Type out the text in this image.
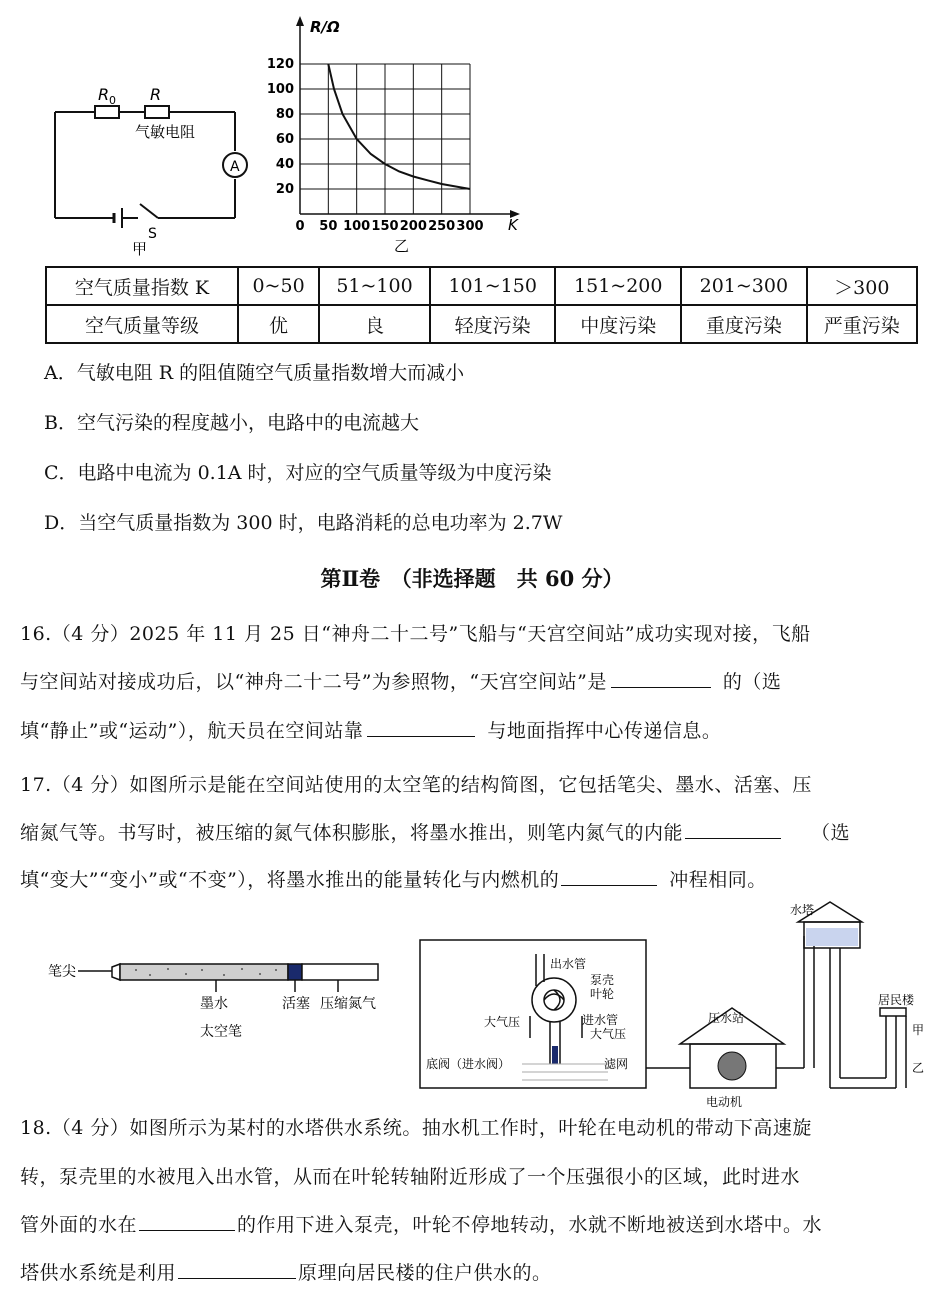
R 0 R
气敏电阻
A
S
甲
0 50 100 150 200 250 300
20
40
60
80
100
120
R/Ω
K
乙
空气质量指数 K	0~50	51~100	101~150	151~200	201~300	＞300
空气质量等级	优	良	轻度污染	中度污染	重度污染	严重污染
A．气敏电阻 R 的阻值随空气质量指数增大而减小
B．空气污染的程度越小，电路中的电流越大
C．电路中电流为 0.1A 时，对应的空气质量等级为中度污染
D．当空气质量指数为 300 时，电路消耗的总电功率为 2.7W
第Ⅱ卷　（非选择题　共 60 分）
16.（4 分）2025 年 11 月 25 日“神舟二十二号”飞船与“天宫空间站”成功实现对接，飞船
与空间站对接成功后，以“神舟二十二号”为参照物，“天宫空间站”是	的（选
填“静止”或“运动”），航天员在空间站靠	与地面指挥中心传递信息。
17.（4 分）如图所示是能在空间站使用的太空笔的结构简图，它包括笔尖、墨水、活塞、压
缩氮气等。书写时，被压缩的氮气体积膨胀，将墨水推出，则笔内氮气的内能	（选
填“变大”“变小”或“不变”），将墨水推出的能量转化与内燃机的	冲程相同。
笔尖
墨水	活塞 压缩氮气
太空笔
出水管
泵壳
叶轮
大气压	进水管
大气压
底阀（进水阀）	滤网
压水站
电动机
水塔
居民楼
甲
乙
18.（4 分）如图所示为某村的水塔供水系统。抽水机工作时，叶轮在电动机的带动下高速旋
转，泵壳里的水被甩入出水管，从而在叶轮转轴附近形成了一个压强很小的区域，此时进水
管外面的水在	的作用下进入泵壳，叶轮不停地转动，水就不断地被送到水塔中。水
塔供水系统是利用	原理向居民楼的住户供水的。
